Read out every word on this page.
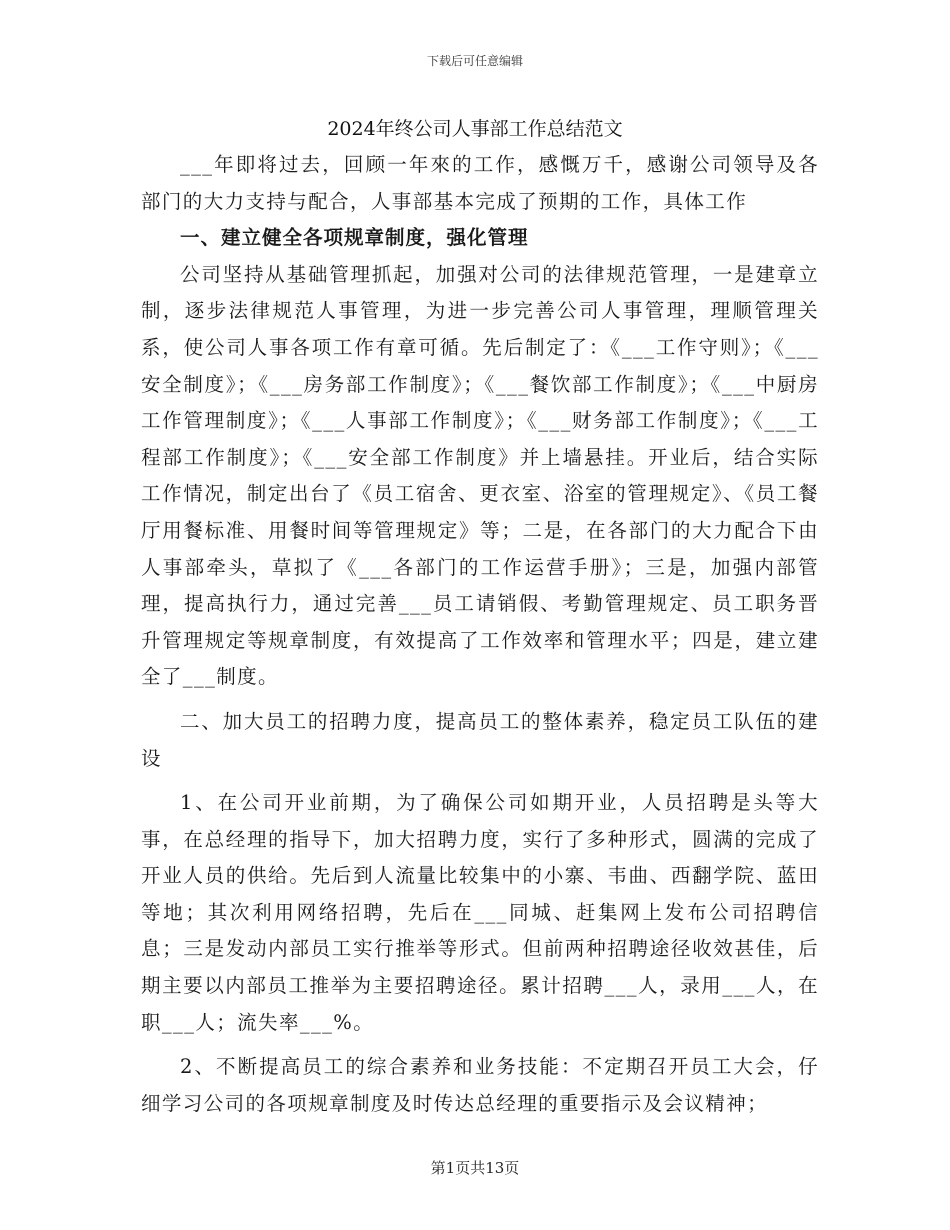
下载后可任意编辑
2024年终公司人事部工作总结范文

___年即将过去，回顾一年來的工作，感慨万千，感谢公司领导及各部门的大力支持与配合，人事部基本完成了预期的工作，具体工作

一、建立健全各项规章制度，强化管理

公司坚持从基础管理抓起，加强对公司的法律规范管理，一是建章立制，逐步法律规范人事管理，为进一步完善公司人事管理，理顺管理关系，使公司人事各项工作有章可循。先后制定了：《___工作守则》；《___安全制度》；《___房务部工作制度》；《___餐饮部工作制度》；《___中厨房工作管理制度》；《___人事部工作制度》；《___财务部工作制度》；《___工程部工作制度》；《___安全部工作制度》并上墙悬挂。开业后，结合实际工作情况，制定出台了《员工宿舍、更衣室、浴室的管理规定》、《员工餐厅用餐标准、用餐时间等管理规定》等；二是，在各部门的大力配合下由人事部牵头，草拟了《___各部门的工作运营手册》；三是，加强内部管理，提高执行力，通过完善___员工请销假、考勤管理规定、员工职务晋升管理规定等规章制度，有效提高了工作效率和管理水平；四是，建立建全了___制度。

二、加大员工的招聘力度，提高员工的整体素养，稳定员工队伍的建设

1、在公司开业前期，为了确保公司如期开业，人员招聘是头等大事，在总经理的指导下，加大招聘力度，实行了多种形式，圆满的完成了开业人员的供给。先后到人流量比较集中的小寨、韦曲、西翻学院、蓝田等地；其次利用网络招聘，先后在___同城、赶集网上发布公司招聘信息；三是发动内部员工实行推举等形式。但前两种招聘途径收效甚佳，后期主要以内部员工推举为主要招聘途径。累计招聘___人，录用___人，在职___人；流失率___%。

2、不断提高员工的综合素养和业务技能：不定期召开员工大会，仔细学习公司的各项规章制度及时传达总经理的重要指示及会议精神；

第1页共13页
